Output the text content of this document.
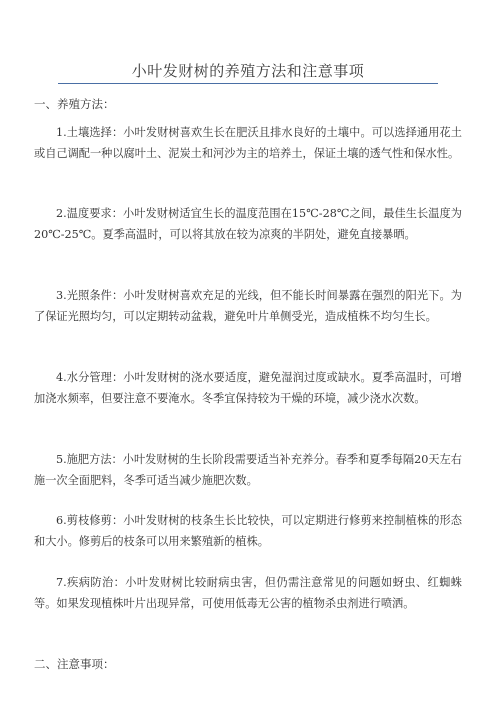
小叶发财树的养殖方法和注意事项
一、养殖方法：
1.土壤选择：小叶发财树喜欢生长在肥沃且排水良好的土壤中。可以选择通用花土或自己调配一种以腐叶土、泥炭土和河沙为主的培养土，保证土壤的透气性和保水性。
2.温度要求：小叶发财树适宜生长的温度范围在15℃-28℃之间，最佳生长温度为 20℃-25℃。夏季高温时，可以将其放在较为凉爽的半阴处，避免直接暴晒。
3.光照条件：小叶发财树喜欢充足的光线，但不能长时间暴露在强烈的阳光下。为了保证光照均匀，可以定期转动盆栽，避免叶片单侧受光，造成植株不均匀生长。
4.水分管理：小叶发财树的浇水要适度，避免湿润过度或缺水。夏季高温时，可增加浇水频率，但要注意不要淹水。冬季宜保持较为干燥的环境，减少浇水次数。
5.施肥方法：小叶发财树的生长阶段需要适当补充养分。春季和夏季每隔20天左右施一次全面肥料，冬季可适当减少施肥次数。
6.剪枝修剪：小叶发财树的枝条生长比较快，可以定期进行修剪来控制植株的形态和大小。修剪后的枝条可以用来繁殖新的植株。
7.疾病防治：小叶发财树比较耐病虫害，但仍需注意常见的问题如蚜虫、红蜘蛛等。如果发现植株叶片出现异常，可使用低毒无公害的植物杀虫剂进行喷洒。
二、注意事项：
